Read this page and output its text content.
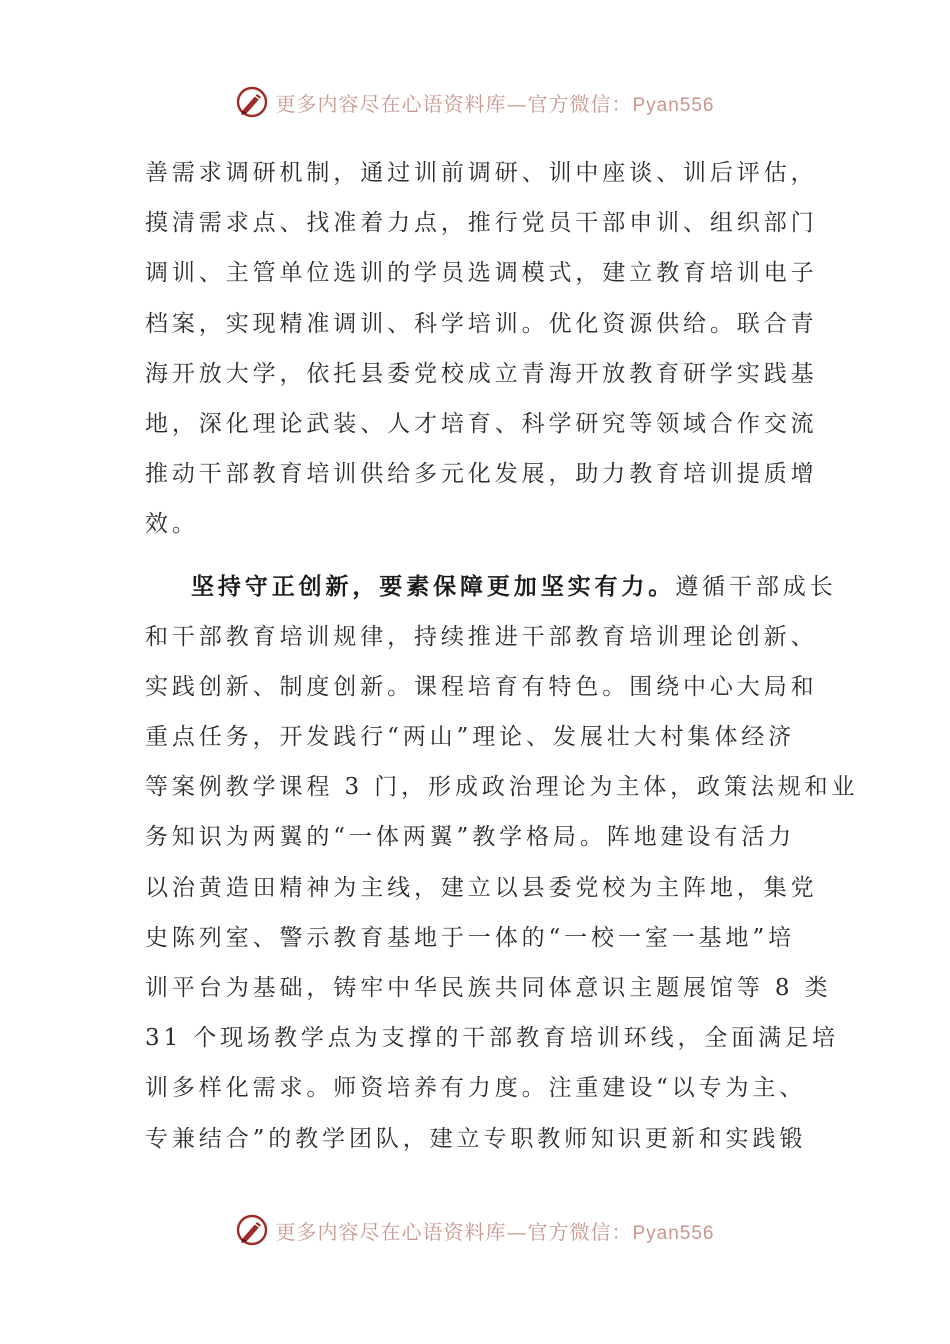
更多内容尽在心语资料库—官方微信：Pyan556
善需求调研机制，通过训前调研、训中座谈、训后评估，
摸清需求点、找准着力点，推行党员干部申训、组织部门
调训、主管单位选训的学员选调模式，建立教育培训电子
档案，实现精准调训、科学培训。优化资源供给。联合青
海开放大学，依托县委党校成立青海开放教育研学实践基
地，深化理论武装、人才培育、科学研究等领域合作交流
推动干部教育培训供给多元化发展，助力教育培训提质增
效。
坚持守正创新，要素保障更加坚实有力。遵循干部成长
和干部教育培训规律，持续推进干部教育培训理论创新、
实践创新、制度创新。课程培育有特色。围绕中心大局和
重点任务，开发践行“两山”理论、发展壮大村集体经济
等案例教学课程 3 门，形成政治理论为主体，政策法规和业
务知识为两翼的“一体两翼”教学格局。阵地建设有活力
以治黄造田精神为主线，建立以县委党校为主阵地，集党
史陈列室、警示教育基地于一体的“一校一室一基地”培
训平台为基础，铸牢中华民族共同体意识主题展馆等 8 类
31 个现场教学点为支撑的干部教育培训环线，全面满足培
训多样化需求。师资培养有力度。注重建设“以专为主、
专兼结合”的教学团队，建立专职教师知识更新和实践锻
更多内容尽在心语资料库—官方微信：Pyan556
